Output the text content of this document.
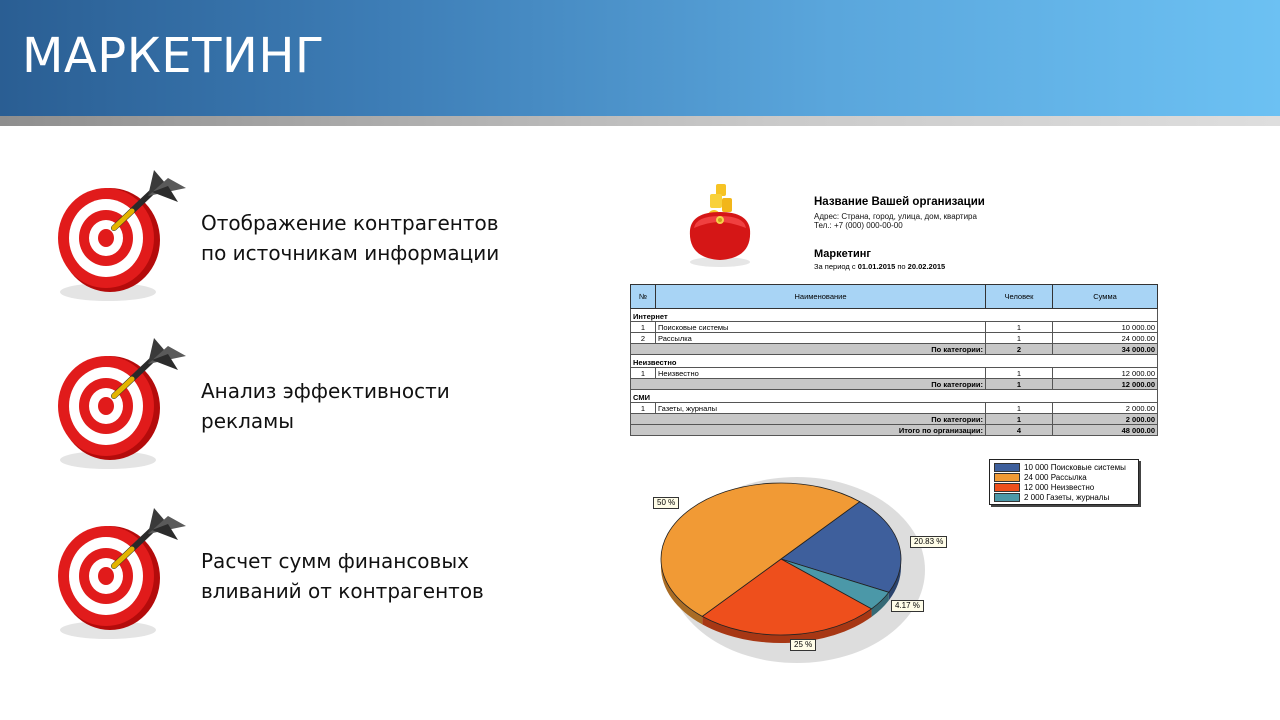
МАРКЕТИНГ
Отображение контрагентов
по источникам информации
Анализ эффективности
рекламы
Расчет сумм финансовых
вливаний от контрагентов
Название Вашей организации
Адрес: Страна, город, улица, дом, квартира
Тел.: +7 (000) 000-00-00
Маркетинг
За период с 01.01.2015 по 20.02.2015
№	Наименование	Человек	Сумма
Интернет			
1	Поисковые системы	1	10 000.00
2	Рассылка	1	24 000.00
По категории:		2	34 000.00
Неизвестно			
1	Неизвестно	1	12 000.00
По категории:		1	12 000.00
СМИ			
1	Газеты, журналы	1	2 000.00
По категории:		1	2 000.00
Итого по организации:		4	48 000.00
20.83 %
4.17 %
25 %
50 %
10 000 Поисковые системы
24 000 Рассылка
12 000 Неизвестно
2 000 Газеты, журналы
